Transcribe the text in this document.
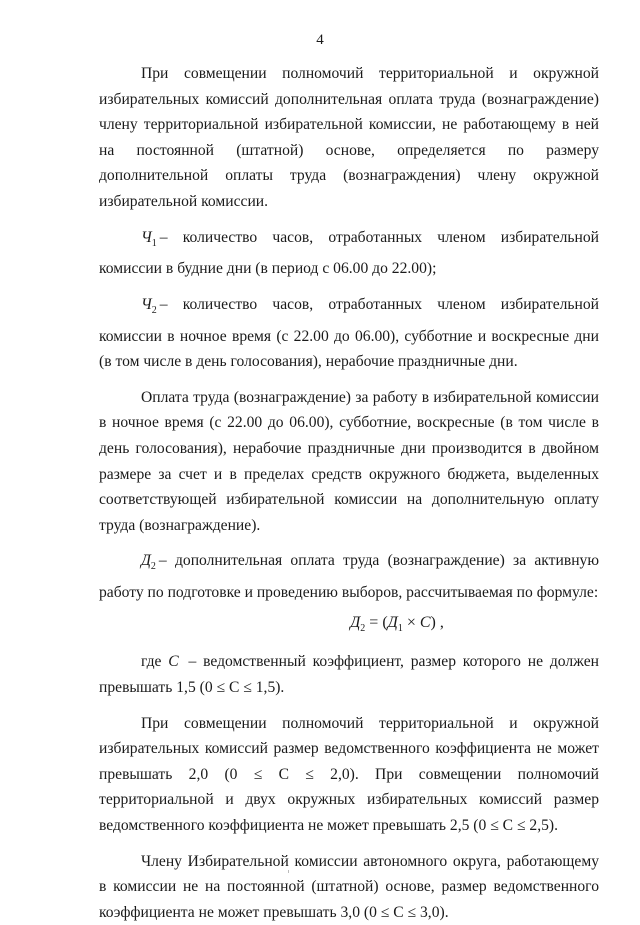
4

При совмещении полномочий территориальной и окружной избирательных комиссий дополнительная оплата труда (вознаграждение) члену территориальной избирательной комиссии, не работающему в ней на постоянной (штатной) основе, определяется по размеру дополнительной оплаты труда (вознаграждения) члену окружной избирательной комиссии.

$Ч_1$ – количество часов, отработанных членом избирательной комиссии в будние дни (в период с 06.00 до 22.00);

$Ч_2$ – количество часов, отработанных членом избирательной комиссии в ночное время (с 22.00 до 06.00), субботние и воскресные дни (в том числе в день голосования), нерабочие праздничные дни.

Оплата труда (вознаграждение) за работу в избирательной комиссии в ночное время (с 22.00 до 06.00), субботние, воскресные (в том числе в день голосования), нерабочие праздничные дни производится в двойном размере за счет и в пределах средств окружного бюджета, выделенных соответствующей избирательной комиссии на дополнительную оплату труда (вознаграждение).

$Д_2$ – дополнительная оплата труда (вознаграждение) за активную работу по подготовке и проведению выборов, рассчитываемая по формуле:

$Д_2 = (Д_1 \times C)$ ,

где С – ведомственный коэффициент, размер которого не должен превышать 1,5 (0 ≤ С ≤ 1,5).

При совмещении полномочий территориальной и окружной избирательных комиссий размер ведомственного коэффициента не может превышать 2,0 (0 ≤ С ≤ 2,0). При совмещении полномочий территориальной и двух окружных избирательных комиссий размер ведомственного коэффициента не может превышать 2,5 (0 ≤ С ≤ 2,5).

Члену Избирательной комиссии автономного округа, работающему в комиссии не на постоянной (штатной) основе, размер ведомственного коэффициента не может превышать 3,0 (0 ≤ С ≤ 3,0).
